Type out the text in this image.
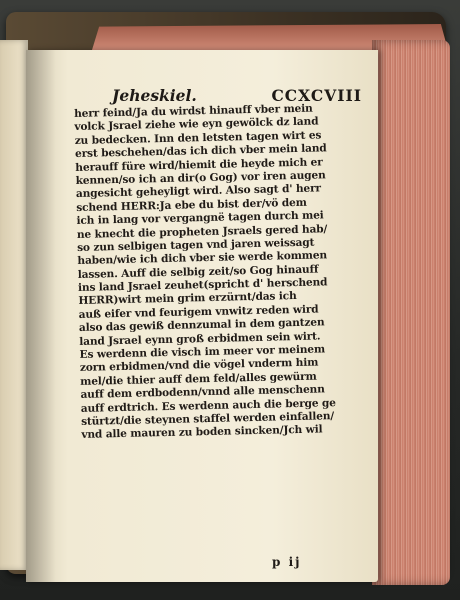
Jeheskiel.	CCXCVIII
herr feind/Ja du wirdst hinauff vber mein
volck Jsrael ziehe wie eyn gewölck dz land
zu bedecken. Inn den letsten tagen wirt es
erst beschehen/das ich dich vber mein land
herauff füre wird/hiemit die heyde mich er
kennen/so ich an dir(o Gog) vor iren augen
angesicht geheyligt wird. Also sagt d' herr
schend HERR:Ja ebe du bist der/vö dem
ich in lang vor vergangnë tagen durch mei
ne knecht die propheten Jsraels gered hab/
so zun selbigen tagen vnd jaren weissagt
haben/wie ich dich vber sie werde kommen
lassen. Auff die selbig zeit/so Gog hinauff
ins land Jsrael zeuhet(spricht d' herschend
HERR)wirt mein grim erzürnt/das ich
auß eifer vnd feurigem vnwitz reden wird
also das gewiß dennzumal in dem gantzen
land Jsrael eynn groß erbidmen sein wirt.
Es werdenn die visch im meer vor meinem
zorn erbidmen/vnd die vögel vnderm him
mel/die thier auff dem feld/alles gewürm
auff dem erdbodenn/vnnd alle menschenn
auff erdtrich. Es werdenn auch die berge ge
stürtzt/die steynen staffel werden einfallen/
vnd alle mauren zu boden sincken/Jch wil
p ij
